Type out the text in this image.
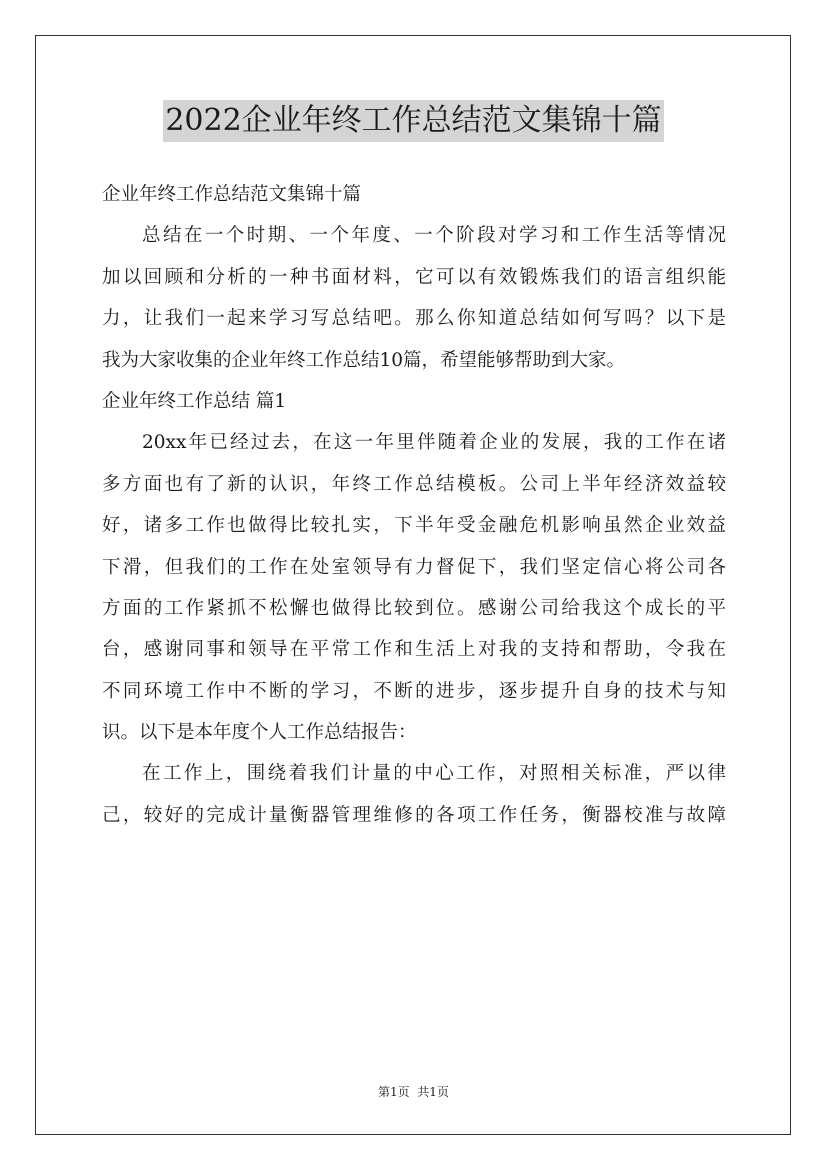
2022企业年终工作总结范文集锦十篇
企业年终工作总结范文集锦十篇
总结在一个时期、一个年度、一个阶段对学习和工作生活等情况
加以回顾和分析的一种书面材料，它可以有效锻炼我们的语言组织能
力，让我们一起来学习写总结吧。那么你知道总结如何写吗？以下是
我为大家收集的企业年终工作总结10篇，希望能够帮助到大家。
企业年终工作总结 篇1
20xx年已经过去，在这一年里伴随着企业的发展，我的工作在诸
多方面也有了新的认识，年终工作总结模板。公司上半年经济效益较
好，诸多工作也做得比较扎实，下半年受金融危机影响虽然企业效益
下滑，但我们的工作在处室领导有力督促下，我们坚定信心将公司各
方面的工作紧抓不松懈也做得比较到位。感谢公司给我这个成长的平
台，感谢同事和领导在平常工作和生活上对我的支持和帮助，令我在
不同环境工作中不断的学习，不断的进步，逐步提升自身的技术与知
识。以下是本年度个人工作总结报告：
在工作上，围绕着我们计量的中心工作，对照相关标准，严以律
己，较好的完成计量衡器管理维修的各项工作任务，衡器校准与故障
第1页  共1页
